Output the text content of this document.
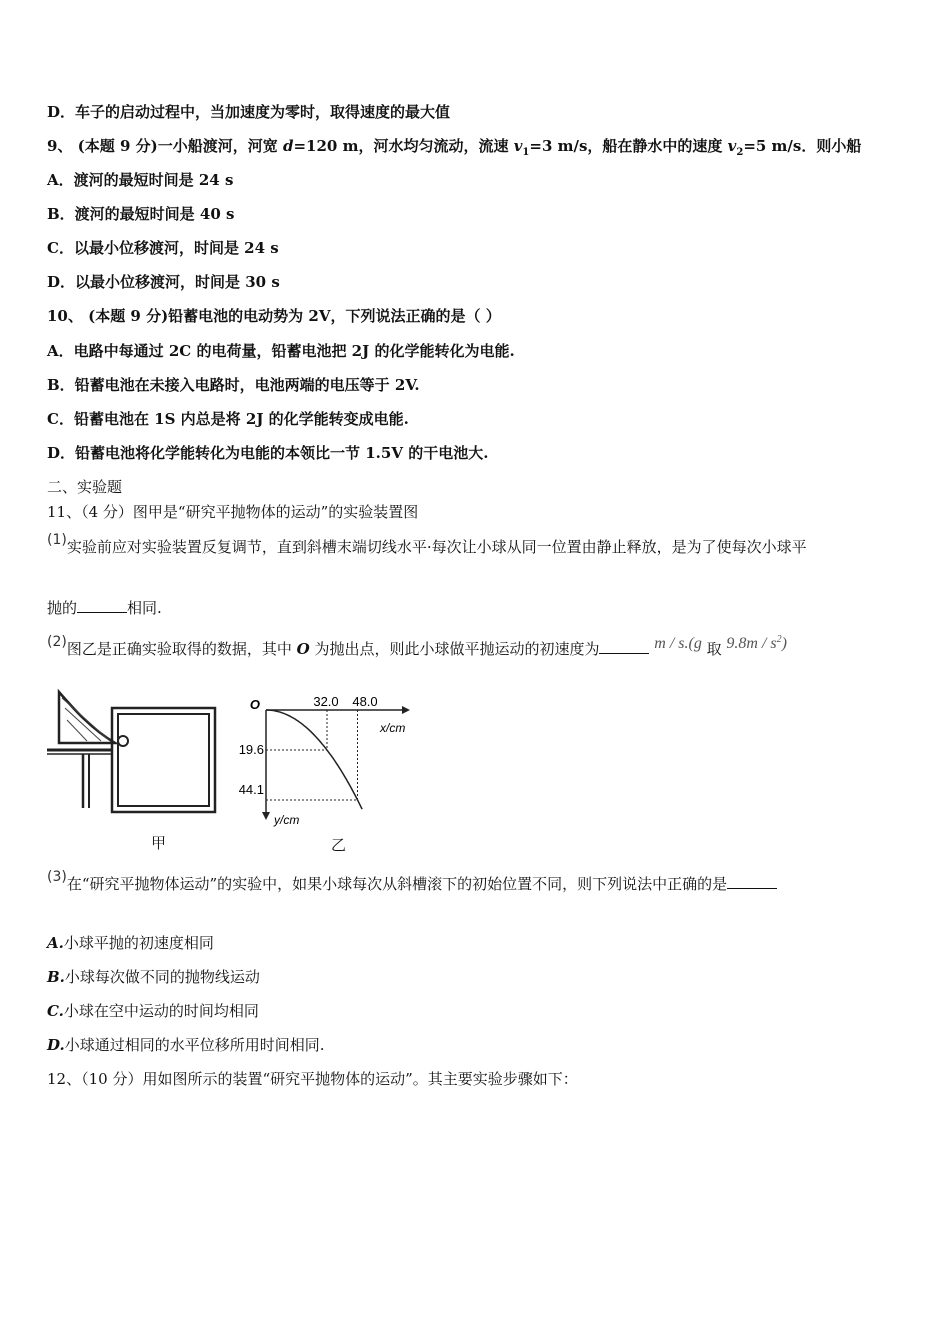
D．车子的启动过程中，当加速度为零时，取得速度的最大值
9、 (本题 9 分)一小船渡河，河宽 d=120 m，河水均匀流动，流速 $v_1=3$ m/s，船在静水中的速度 $v_2=5$ m/s．则小船
A．渡河的最短时间是 24 s
B．渡河的最短时间是 40 s
C．以最小位移渡河，时间是 24 s
D．以最小位移渡河，时间是 30 s
10、 (本题 9 分)铅蓄电池的电动势为 2V，下列说法正确的是（ ）
A．电路中每通过 2C 的电荷量，铅蓄电池把 2J 的化学能转化为电能.
B．铅蓄电池在未接入电路时，电池两端的电压等于 2V.
C．铅蓄电池在 1S 内总是将 2J 的化学能转变成电能.
D．铅蓄电池将化学能转化为电能的本领比一节 1.5V 的干电池大.
二、实验题
11、（4 分）图甲是“研究平抛物体的运动”的实验装置图
(1)实验前应对实验装置反复调节，直到斜槽末端切线水平·每次让小球从同一位置由静止释放，是为了使每次小球平
抛的	相同.
(2)图乙是正确实验取得的数据，其中 O 为抛出点，则此小球做平抛运动的初速度为	m / s.(g 取 $9.8m / s^2$)
甲
O	32.0 48.0
19.6
44.1
x/cm
y/cm
乙
(3)在“研究平抛物体运动”的实验中，如果小球每次从斜槽滚下的初始位置不同，则下列说法中正确的是
A.小球平抛的初速度相同
B.小球每次做不同的抛物线运动
C.小球在空中运动的时间均相同
D.小球通过相同的水平位移所用时间相同.
12、（10 分）用如图所示的装置“研究平抛物体的运动”。其主要实验步骤如下：
